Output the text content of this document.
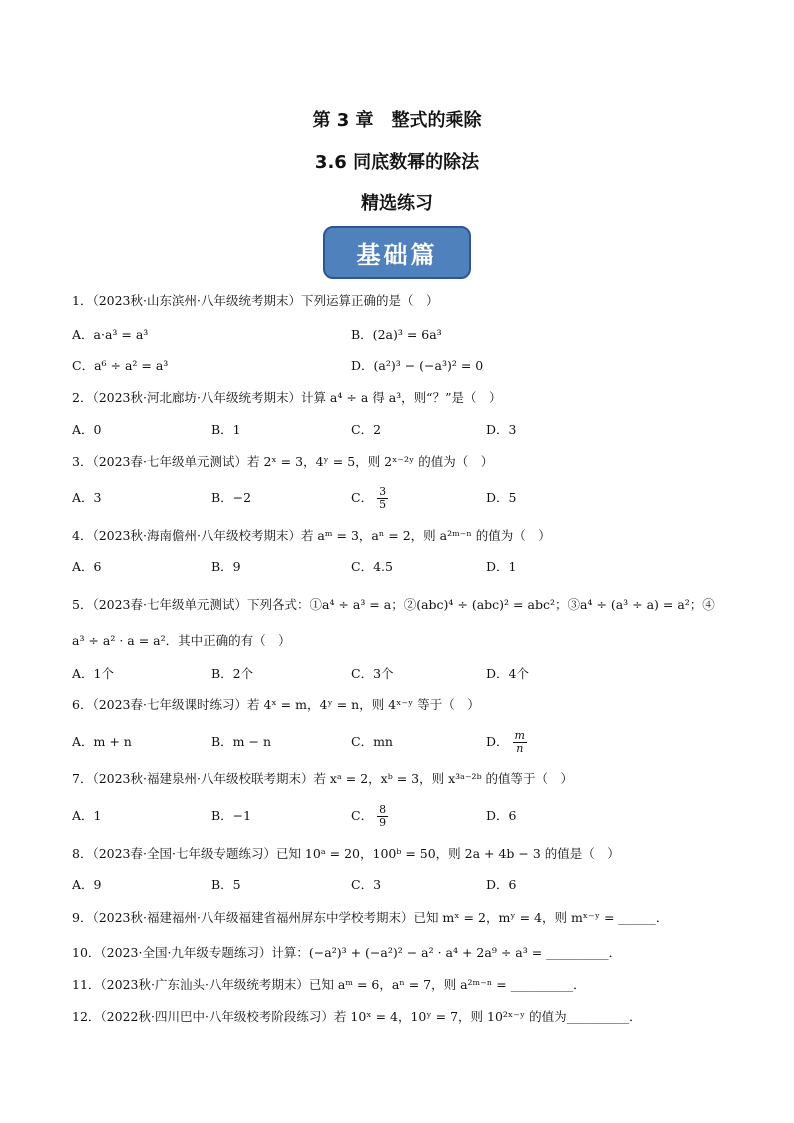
第 3 章　整式的乘除
3.6 同底数幂的除法
精选练习
基础篇
1．（2023秋·山东滨州·八年级统考期末）下列运算正确的是（　）
A．a·a³ = a³	B．(2a)³ = 6a³
C．a⁶ ÷ a² = a³	D．(a²)³ − (−a³)² = 0
2．（2023秋·河北廊坊·八年级统考期末）计算 a⁴ ÷ a 得 a³，则“？”是（　）
A．0	B．1	C．2	D．3
3．（2023春·七年级单元测试）若 2ˣ = 3，4ʸ = 5，则 2ˣ⁻²ʸ 的值为（　）
A．3	B．−2	C． $\frac{3}{5}$	D．5
4．（2023秋·海南儋州·八年级校考期末）若 aᵐ = 3，aⁿ = 2，则 a²ᵐ⁻ⁿ 的值为（　）
A．6	B．9	C．4.5	D．1
5．（2023春·七年级单元测试）下列各式：①a⁴ ÷ a³ = a；②(abc)⁴ ÷ (abc)² = abc²；③a⁴ ÷ (a³ ÷ a) = a²；④
a³ ÷ a² · a = a²．其中正确的有（　）
A．1个	B．2个	C．3个	D．4个
6．（2023春·七年级课时练习）若 4ˣ = m，4ʸ = n，则 4ˣ⁻ʸ 等于（　）
A．m + n	B．m − n	C．mn	D． $\frac{m}{n}$
7．（2023秋·福建泉州·八年级校联考期末）若 xᵃ = 2，xᵇ = 3，则 x³ᵃ⁻²ᵇ 的值等于（　）
A．1	B．−1	C． $\frac{8}{9}$	D．6
8．（2023春·全国·七年级专题练习）已知 10ᵃ = 20，100ᵇ = 50，则 2a + 4b − 3 的值是（　）
A．9	B．5	C．3	D．6
9．（2023秋·福建福州·八年级福建省福州屏东中学校考期末）已知 mˣ = 2，mʸ = 4，则 mˣ⁻ʸ = ______．
10．（2023·全国·九年级专题练习）计算：(−a²)³ + (−a²)² − a² · a⁴ + 2a⁹ ÷ a³ = __________．
11．（2023秋·广东汕头·八年级统考期末）已知 aᵐ = 6，aⁿ = 7，则 a²ᵐ⁻ⁿ = __________．
12．（2022秋·四川巴中·八年级校考阶段练习）若 10ˣ = 4，10ʸ = 7，则 10²ˣ⁻ʸ 的值为__________．
